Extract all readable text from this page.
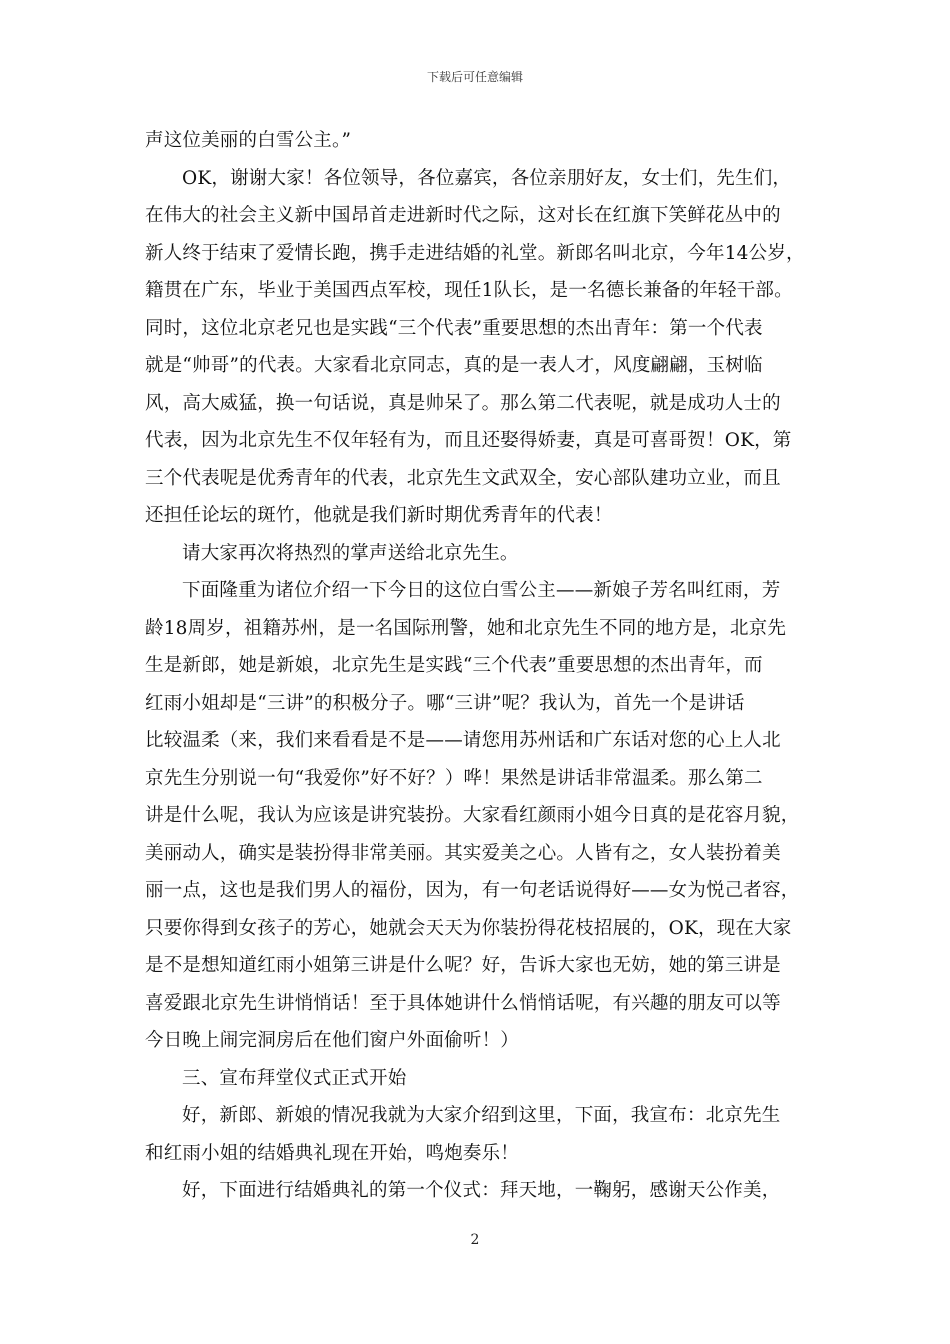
下载后可任意编辑
声这位美丽的白雪公主。”
OK，谢谢大家！各位领导，各位嘉宾，各位亲朋好友，女士们，先生们，
在伟大的社会主义新中国昂首走进新时代之际，这对长在红旗下笑鲜花丛中的
新人终于结束了爱情长跑，携手走进结婚的礼堂。新郎名叫北京，今年14公岁，
籍贯在广东，毕业于美国西点军校，现任1队长，是一名德长兼备的年轻干部。
同时，这位北京老兄也是实践“三个代表”重要思想的杰出青年：第一个代表
就是“帅哥”的代表。大家看北京同志，真的是一表人才，风度翩翩，玉树临
风，高大威猛，换一句话说，真是帅呆了。那么第二代表呢，就是成功人士的
代表，因为北京先生不仅年轻有为，而且还娶得娇妻，真是可喜哥贺！OK，第
三个代表呢是优秀青年的代表，北京先生文武双全，安心部队建功立业，而且
还担任论坛的斑竹，他就是我们新时期优秀青年的代表！
请大家再次将热烈的掌声送给北京先生。
下面隆重为诸位介绍一下今日的这位白雪公主——新娘子芳名叫红雨，芳
龄18周岁，祖籍苏州，是一名国际刑警，她和北京先生不同的地方是，北京先
生是新郎，她是新娘，北京先生是实践“三个代表”重要思想的杰出青年，而
红雨小姐却是“三讲”的积极分子。哪“三讲”呢？我认为，首先一个是讲话
比较温柔（来，我们来看看是不是——请您用苏州话和广东话对您的心上人北
京先生分别说一句“我爱你”好不好？）哗！果然是讲话非常温柔。那么第二
讲是什么呢，我认为应该是讲究装扮。大家看红颜雨小姐今日真的是花容月貌，
美丽动人，确实是装扮得非常美丽。其实爱美之心。人皆有之，女人装扮着美
丽一点，这也是我们男人的福份，因为，有一句老话说得好——女为悦己者容，
只要你得到女孩子的芳心，她就会天天为你装扮得花枝招展的，OK，现在大家
是不是想知道红雨小姐第三讲是什么呢？好，告诉大家也无妨，她的第三讲是
喜爱跟北京先生讲悄悄话！至于具体她讲什么悄悄话呢，有兴趣的朋友可以等
今日晚上闹完洞房后在他们窗户外面偷听！）
三、宣布拜堂仪式正式开始
好，新郎、新娘的情况我就为大家介绍到这里，下面，我宣布：北京先生
和红雨小姐的结婚典礼现在开始，鸣炮奏乐！
好，下面进行结婚典礼的第一个仪式：拜天地，一鞠躬，感谢天公作美，
2
